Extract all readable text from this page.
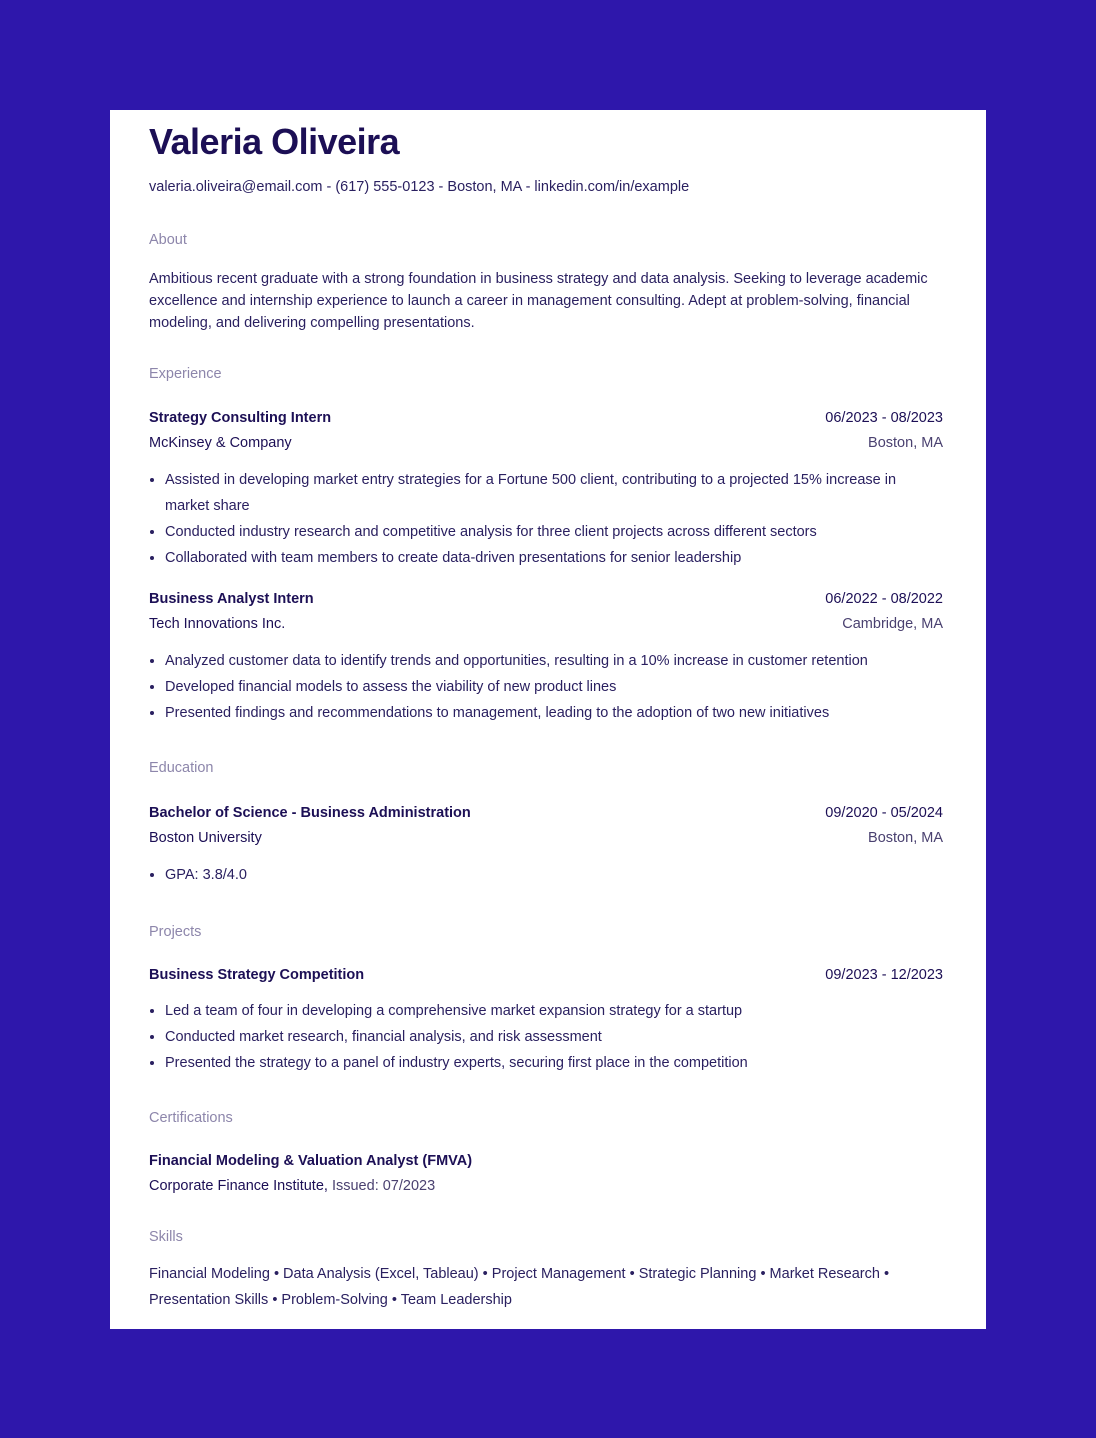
Valeria Oliveira
valeria.oliveira@email.com - (617) 555-0123 - Boston, MA - linkedin.com/in/example
About
Ambitious recent graduate with a strong foundation in business strategy and data analysis. Seeking to leverage academic excellence and internship experience to launch a career in management consulting. Adept at problem-solving, financial modeling, and delivering compelling presentations.
Experience
Strategy Consulting Intern	06/2023 - 08/2023
McKinsey & Company	Boston, MA
• Assisted in developing market entry strategies for a Fortune 500 client, contributing to a projected 15% increase in market share
• Conducted industry research and competitive analysis for three client projects across different sectors
• Collaborated with team members to create data-driven presentations for senior leadership
Business Analyst Intern	06/2022 - 08/2022
Tech Innovations Inc.	Cambridge, MA
• Analyzed customer data to identify trends and opportunities, resulting in a 10% increase in customer retention
• Developed financial models to assess the viability of new product lines
• Presented findings and recommendations to management, leading to the adoption of two new initiatives
Education
Bachelor of Science - Business Administration	09/2020 - 05/2024
Boston University	Boston, MA
• GPA: 3.8/4.0
Projects
Business Strategy Competition	09/2023 - 12/2023
• Led a team of four in developing a comprehensive market expansion strategy for a startup
• Conducted market research, financial analysis, and risk assessment
• Presented the strategy to a panel of industry experts, securing first place in the competition
Certifications
Financial Modeling & Valuation Analyst (FMVA)
Corporate Finance Institute, Issued: 07/2023
Skills
Financial Modeling • Data Analysis (Excel, Tableau) • Project Management • Strategic Planning • Market Research • Presentation Skills • Problem-Solving • Team Leadership
